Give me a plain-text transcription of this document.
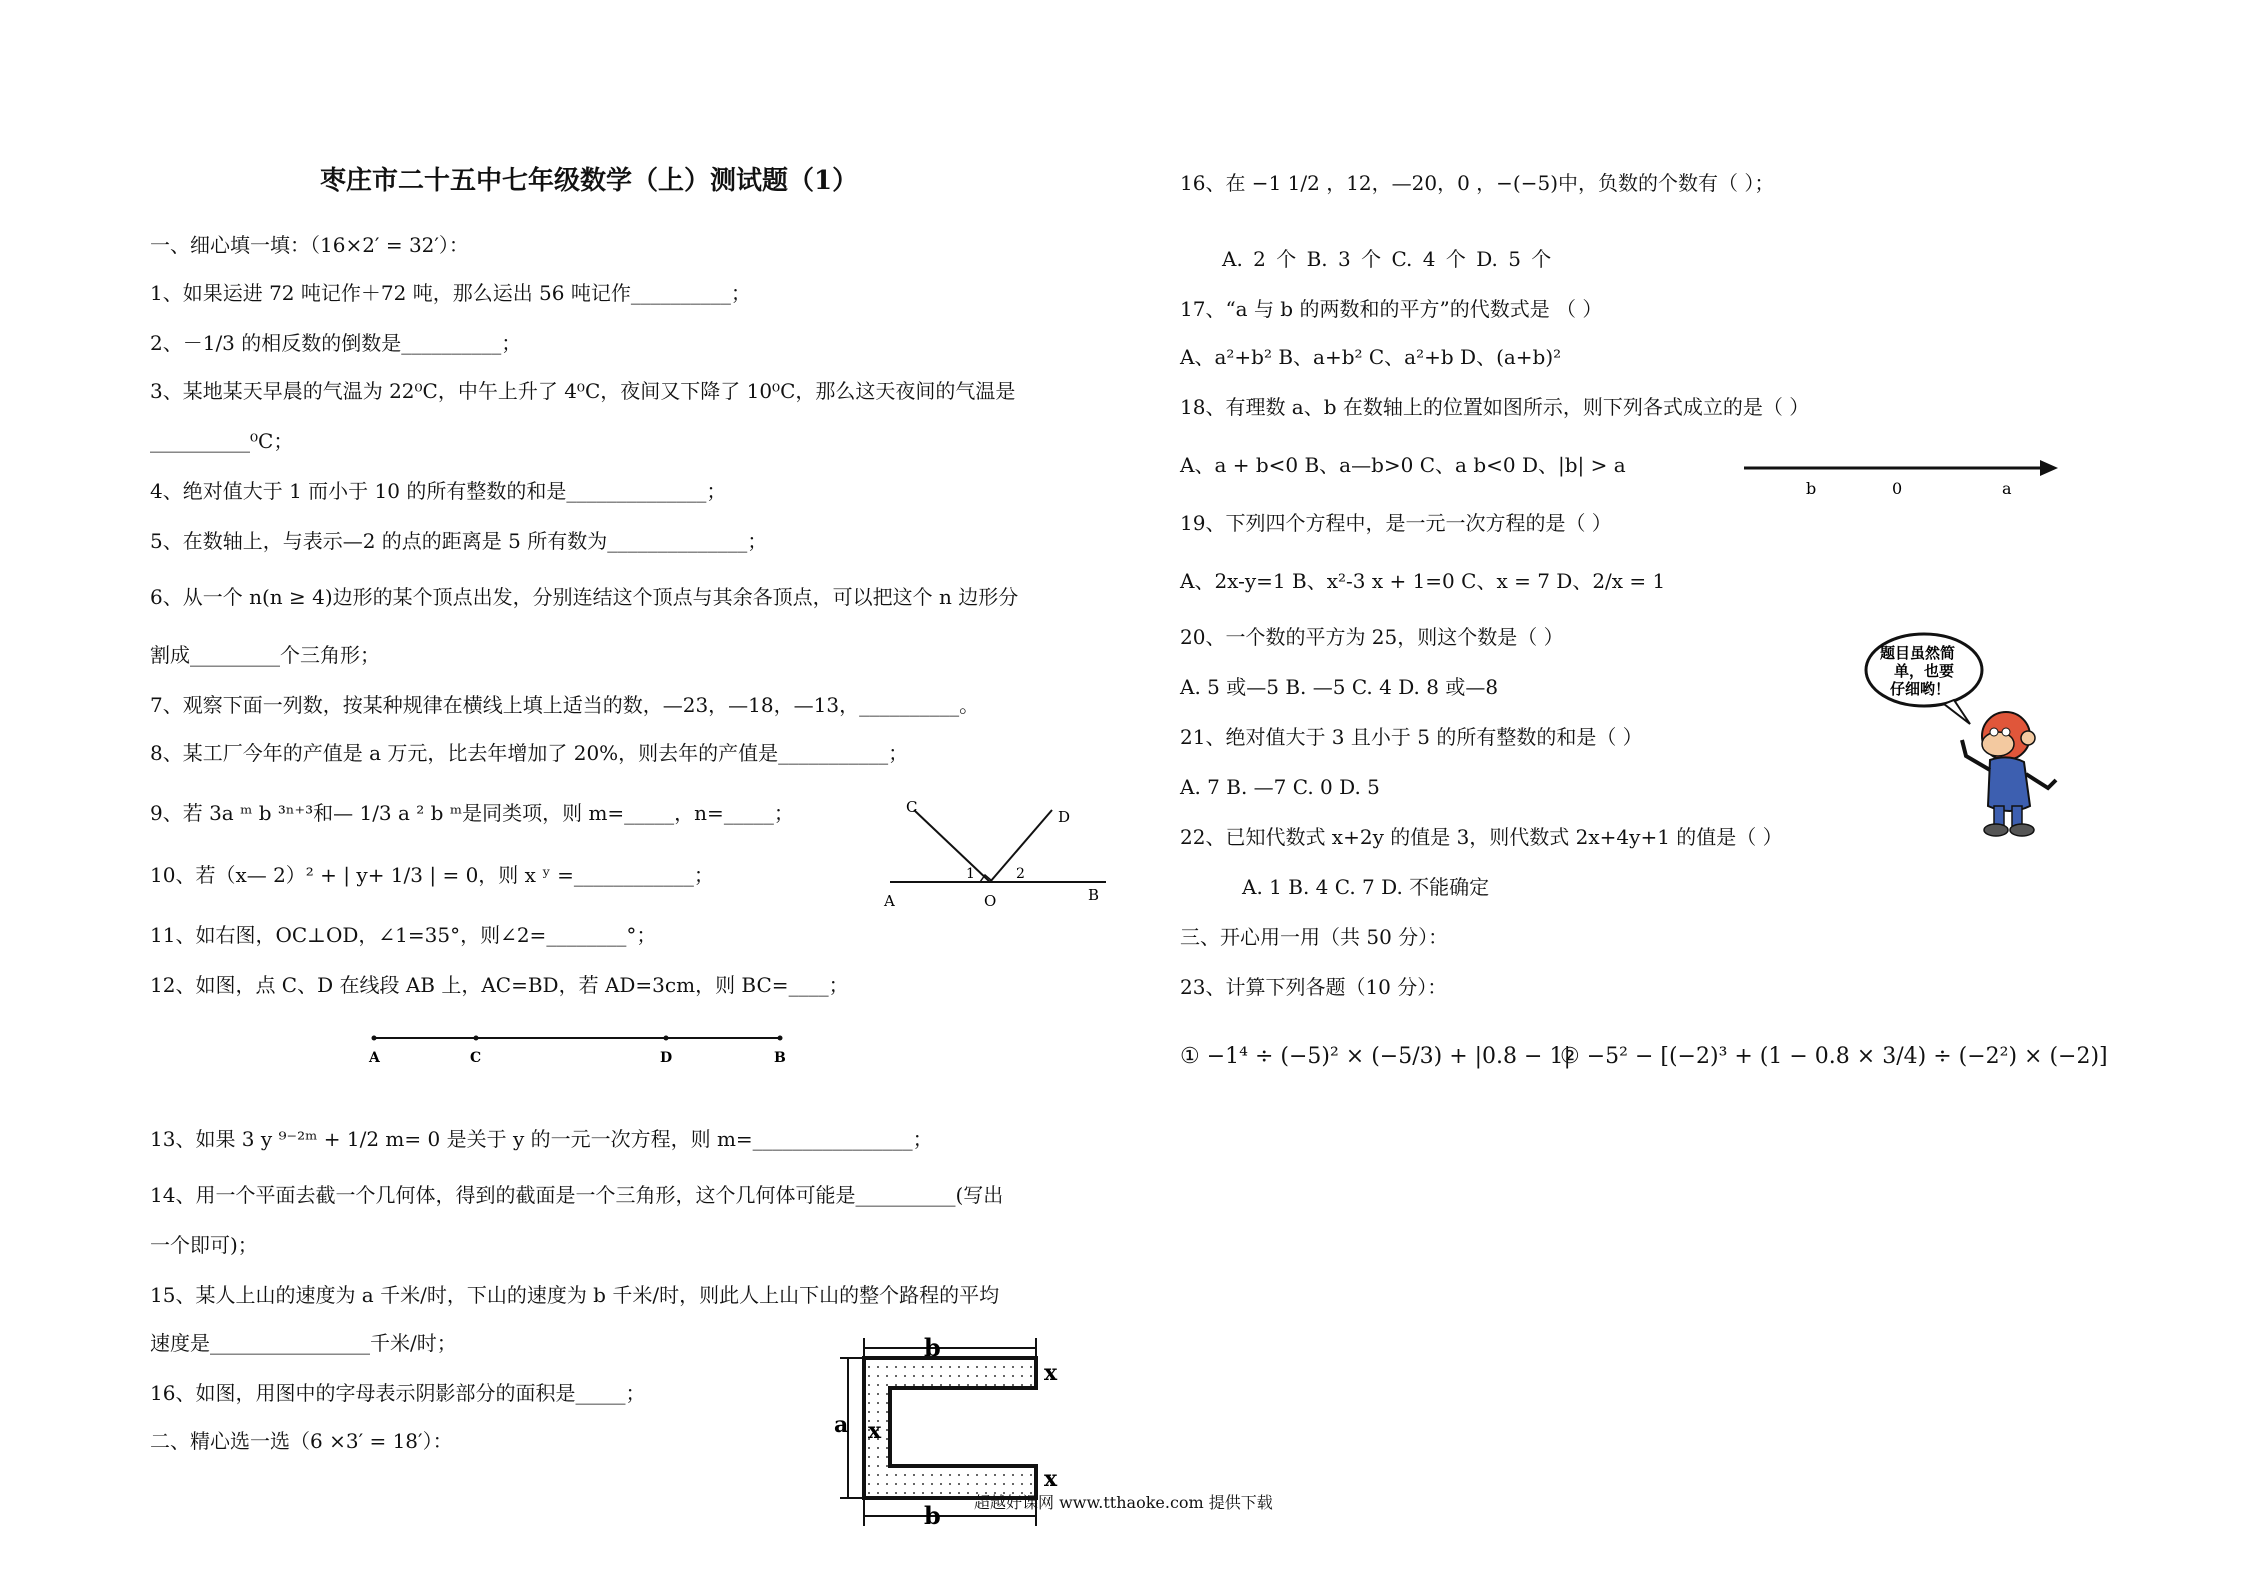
枣庄市二十五中七年级数学（上）测试题（1）
一、细心填一填：（16×2′ = 32′）：
1、如果运进 72 吨记作＋72 吨，那么运出 56 吨记作__________；
2、－1/3 的相反数的倒数是__________；
3、某地某天早晨的气温为 22⁰C，中午上升了 4⁰C，夜间又下降了 10⁰C，那么这天夜间的气温是
__________⁰C；
4、绝对值大于 1 而小于 10 的所有整数的和是______________；
5、在数轴上，与表示—2 的点的距离是 5 所有数为______________；
6、从一个 n(n ≥ 4)边形的某个顶点出发，分别连结这个顶点与其余各顶点，可以把这个 n 边形分
割成_________个三角形；
7、观察下面一列数，按某种规律在横线上填上适当的数，—23，—18，—13，__________。
8、某工厂今年的产值是 a 万元，比去年增加了 20%，则去年的产值是___________；
9、若 3a ᵐ b ³ⁿ⁺³和— 1/3 a ² b ᵐ是同类项，则 m=_____，n=_____；
10、若（x— 2）² + | y+ 1/3 | = 0，则 x ʸ =____________；
11、如右图，OC⊥OD，∠1=35°，则∠2=________°；
12、如图，点 C、D 在线段 AB 上，AC=BD，若 AD=3cm，则 BC=____；
13、如果 3 y ⁹⁻²ᵐ + 1/2 m= 0 是关于 y 的一元一次方程，则 m=________________；
14、用一个平面去截一个几何体，得到的截面是一个三角形，这个几何体可能是__________(写出
一个即可)；
15、某人上山的速度为 a 千米/时，下山的速度为 b 千米/时，则此人上山下山的整个路程的平均
速度是________________千米/时；
16、如图，用图中的字母表示阴影部分的面积是_____；
二、精心选一选（6 ×3′ = 18′）：
C
D
1	2
A	O	B
A	C	D	B
b
x
a x
x
b
16、在 −1 1/2 ，12，—20，0 ，−(−5)中，负数的个数有（ ）；
A. 2 个 B. 3 个 C. 4 个 D. 5 个
17、“a 与 b 的两数和的平方”的代数式是 （ ）
A、a²+b² B、a+b² C、a²+b D、(a+b)²
18、有理数 a、b 在数轴上的位置如图所示，则下列各式成立的是（ ）
A、a + b<0 B、a—b>0 C、a b<0 D、|b| > a
19、下列四个方程中，是一元一次方程的是（ ）
A、2x-y=1 B、x²-3 x + 1=0 C、x = 7 D、2/x = 1
20、一个数的平方为 25，则这个数是（ ）
A. 5 或—5 B. —5 C. 4 D. 8 或—8
21、绝对值大于 3 且小于 5 的所有整数的和是（ ）
A. 7 B. —7 C. 0 D. 5
22、已知代数式 x+2y 的值是 3，则代数式 2x+4y+1 的值是（ ）
A. 1 B. 4 C. 7 D. 不能确定
三、开心用一用（共 50 分）：
23、计算下列各题（10 分）：
① −1⁴ ÷ (−5)² × (−5/3) + |0.8 − 1|
② −5² − [(−2)³ + (1 − 0.8 × 3/4) ÷ (−2²) × (−2)]
b	0	a
题目虽然简
单，也要
仔细哟！
超越好课网 www.tthaoke.com 提供下载
